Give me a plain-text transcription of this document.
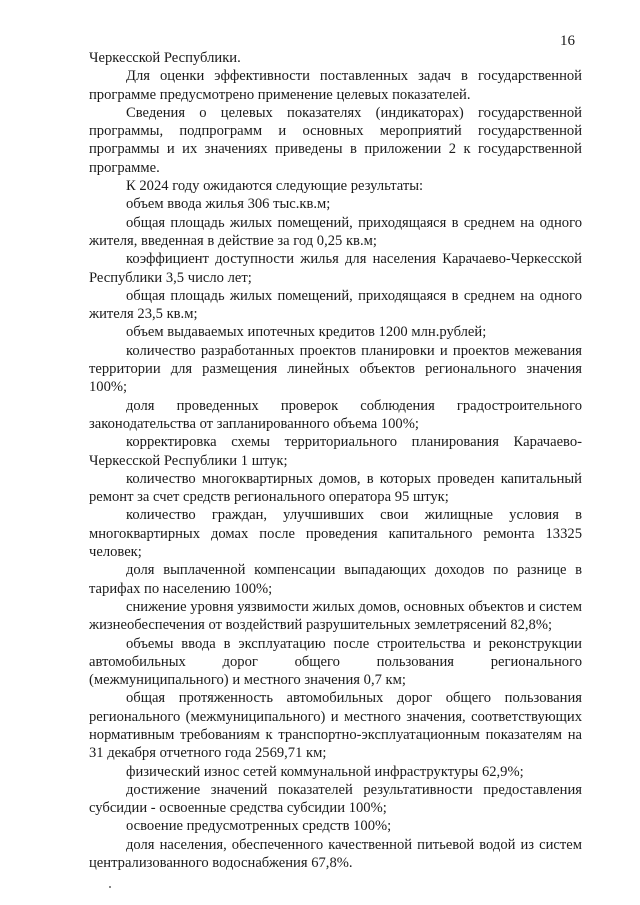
16

Черкесской Республики.

Для оценки эффективности поставленных задач в государственной программе предусмотрено применение целевых показателей.

Сведения о целевых показателях (индикаторах) государственной программы, подпрограмм и основных мероприятий государственной программы и их значениях приведены в приложении 2 к государственной программе.

К 2024 году ожидаются следующие результаты:

объем ввода жилья 306 тыс.кв.м;

общая площадь жилых помещений, приходящаяся в среднем на одного жителя, введенная в действие за год 0,25 кв.м;

коэффициент доступности жилья для населения Карачаево-Черкесской Республики 3,5 число лет;

общая площадь жилых помещений, приходящаяся в среднем на одного жителя 23,5 кв.м;

объем выдаваемых ипотечных кредитов 1200 млн.рублей;

количество разработанных проектов планировки и проектов межевания территории для размещения линейных объектов регионального значения 100%;

доля проведенных проверок соблюдения градостроительного законодательства от запланированного объема 100%;

корректировка схемы территориального планирования Карачаево-Черкесской Республики 1 штук;

количество многоквартирных домов, в которых проведен капитальный ремонт за счет средств регионального оператора 95 штук;

количество граждан, улучшивших свои жилищные условия в многоквартирных домах после проведения капитального ремонта 13325 человек;

доля выплаченной компенсации выпадающих доходов по разнице в тарифах по населению 100%;

снижение уровня уязвимости жилых домов, основных объектов и систем жизнеобеспечения от воздействий разрушительных землетрясений 82,8%;

объемы ввода в эксплуатацию после строительства и реконструкции автомобильных дорог общего пользования регионального (межмуниципального) и местного значения 0,7 км;

общая протяженность автомобильных дорог общего пользования регионального (межмуниципального) и местного значения, соответствующих нормативным требованиям к транспортно-эксплуатационным показателям на 31 декабря отчетного года 2569,71 км;

физический износ сетей коммунальной инфраструктуры 62,9%;

достижение значений показателей результативности предоставления субсидии - освоенные средства субсидии 100%;

освоение предусмотренных средств 100%;

доля населения, обеспеченного качественной питьевой водой из систем централизованного водоснабжения 67,8%.
